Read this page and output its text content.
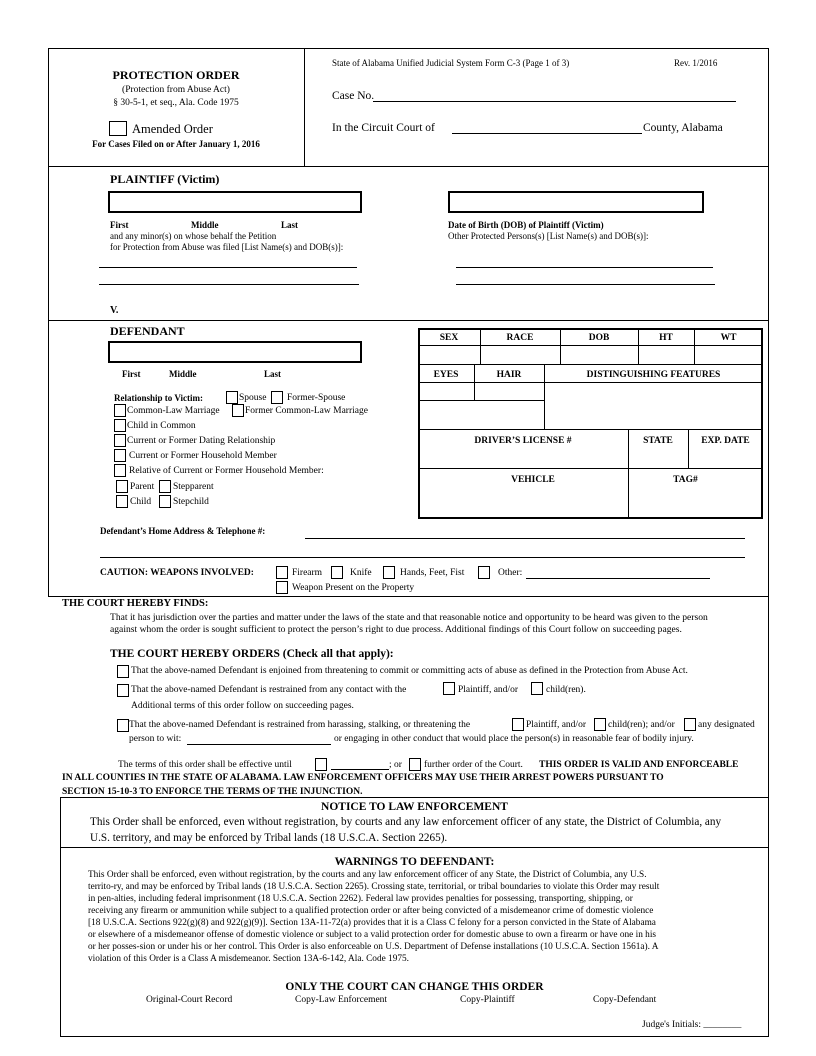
PROTECTION ORDER
(Protection from Abuse Act)
§ 30-5-1, et seq., Ala. Code 1975
Amended Order
For Cases Filed on or After January 1, 2016
State of Alabama Unified Judicial System Form C-3 (Page 1 of 3)	Rev. 1/2016
Case No.
In the Circuit Court of	County, Alabama
PLAINTIFF (Victim)
First	Middle	Last
and any minor(s) on whose behalf the Petition
for Protection from Abuse was filed [List Name(s) and DOB(s)]:
Date of Birth (DOB) of Plaintiff (Victim)
Other Protected Persons(s) [List Name(s) and DOB(s)]:
V.
DEFENDANT
First	Middle	Last
Relationship to Victim:	Spouse Former-Spouse
Common-Law Marriage	Former Common-Law Marriage
Child in Common
Current or Former Dating Relationship
Current or Former Household Member
Relative of Current or Former Household Member:
Parent Stepparent
Child Stepchild
SEX	RACE	DOB	HT	WT
EYES	HAIR	DISTINGUISHING FEATURES
DRIVER’S LICENSE #	STATE	EXP. DATE
VEHICLE	TAG#
Defendant’s Home Address & Telephone #:
CAUTION: WEAPONS INVOLVED:	Firearm	Knife	Hands, Feet, Fist	Other:
Weapon Present on the Property
THE COURT HEREBY FINDS:
That it has jurisdiction over the parties and matter under the laws of the state and that reasonable notice and opportunity to be heard was given to the person against whom the order is sought sufficient to protect the person’s right to due process. Additional findings of this Court follow on succeeding pages.
THE COURT HEREBY ORDERS (Check all that apply):
That the above-named Defendant is enjoined from threatening to commit or committing acts of abuse as defined in the Protection from Abuse Act.
That the above-named Defendant is restrained from any contact with the	Plaintiff, and/or	child(ren).
Additional terms of this order follow on succeeding pages.
That the above-named Defendant is restrained from harassing, stalking, or threatening the	Plaintiff, and/or child(ren); and/or any designated
person to wit:	or engaging in other conduct that would place the person(s) in reasonable fear of bodily injury.
The terms of this order shall be effective until	; or further order of the Court. THIS ORDER IS VALID AND ENFORCEABLE
IN ALL COUNTIES IN THE STATE OF ALABAMA. LAW ENFORCEMENT OFFICERS MAY USE THEIR ARREST POWERS PURSUANT TO
SECTION 15-10-3 TO ENFORCE THE TERMS OF THE INJUNCTION.
NOTICE TO LAW ENFORCEMENT
This Order shall be enforced, even without registration, by courts and any law enforcement officer of any state, the District of Columbia, any
U.S. territory, and may be enforced by Tribal lands (18 U.S.C.A. Section 2265).
WARNINGS TO DEFENDANT:
This Order shall be enforced, even without registration, by the courts and any law enforcement officer of any State, the District of Columbia, any U.S.
territo-ry, and may be enforced by Tribal lands (18 U.S.C.A. Section 2265). Crossing state, territorial, or tribal boundaries to violate this Order may result
in pen-alties, including federal imprisonment (18 U.S.C.A. Section 2262). Federal law provides penalties for possessing, transporting, shipping, or
receiving any firearm or ammunition while subject to a qualified protection order or after being convicted of a misdemeanor crime of domestic violence
[18 U.S.C.A. Sections 922(g)(8) and 922(g)(9)]. Section 13A-11-72(a) provides that it is a Class C felony for a person convicted in the State of Alabama
or elsewhere of a misdemeanor offense of domestic violence or subject to a valid protection order for domestic abuse to own a firearm or have one in his
or her posses-sion or under his or her control. This Order is also enforceable on U.S. Department of Defense installations (10 U.S.C.A. Section 1561a). A
violation of this Order is a Class A misdemeanor. Section 13A-6-142, Ala. Code 1975.
ONLY THE COURT CAN CHANGE THIS ORDER
Original-Court Record	Copy-Law Enforcement	Copy-Plaintiff	Copy-Defendant
Judge's Initials: ________
